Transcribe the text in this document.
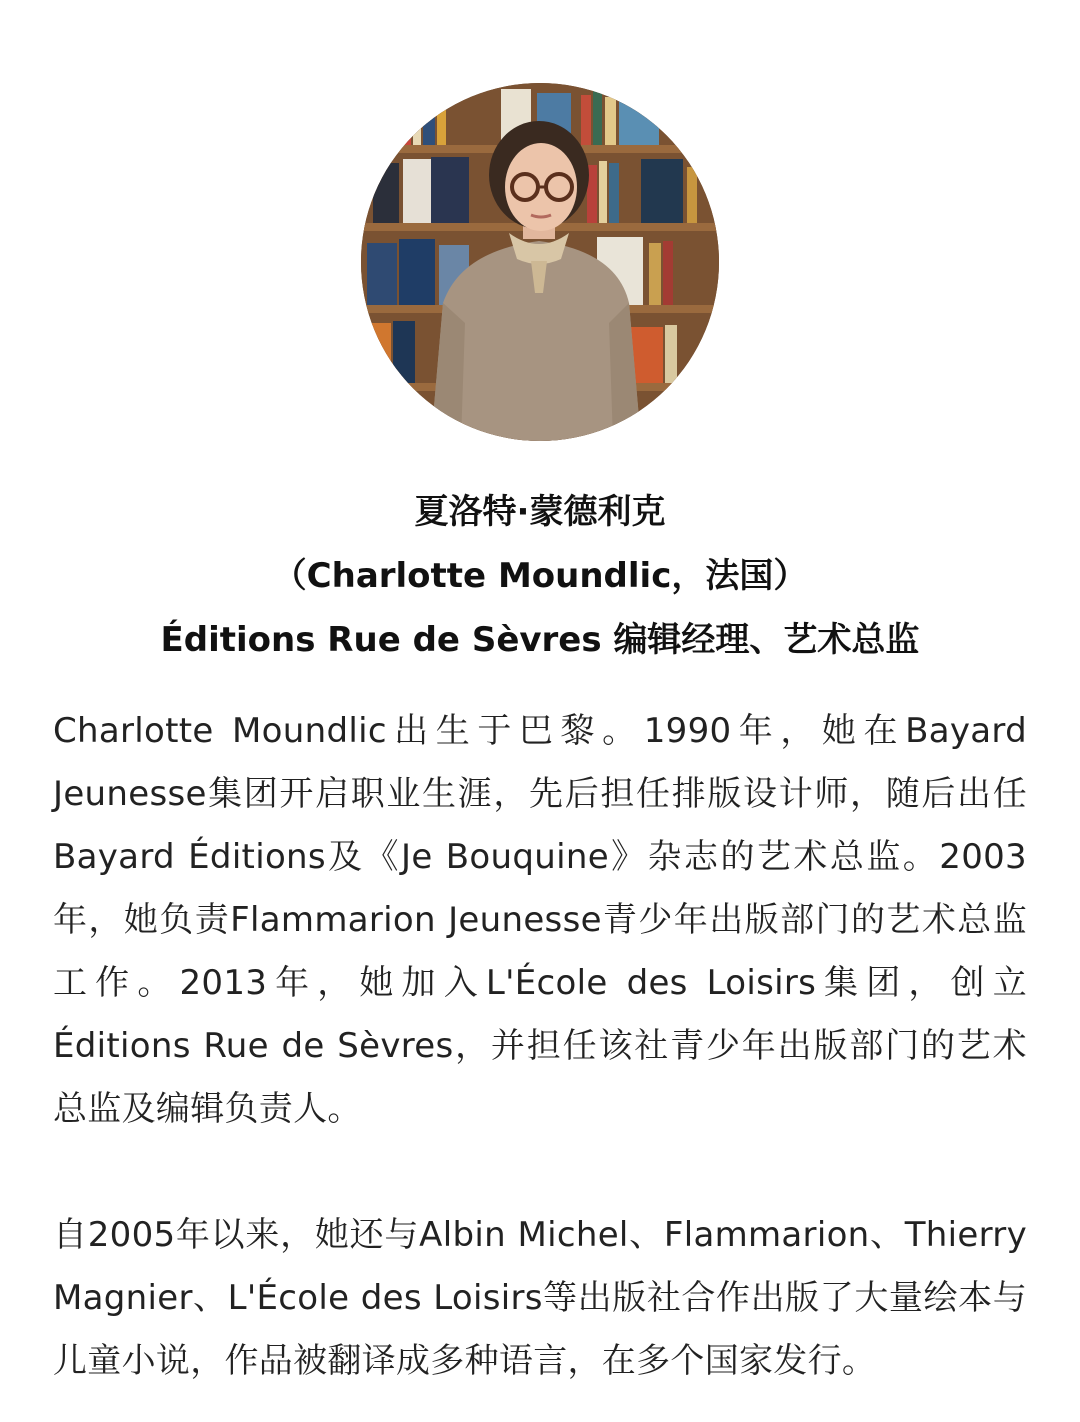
夏洛特·蒙德利克
（Charlotte Moundlic，法国）
Éditions Rue de Sèvres 编辑经理、艺术总监

Charlotte Moundlic出生于巴黎。1990年，她在Bayard Jeunesse集团开启职业生涯，先后担任排版设计师，随后出任Bayard Éditions及《Je Bouquine》杂志的艺术总监。2003年，她负责Flammarion Jeunesse青少年出版部门的艺术总监工作。2013年，她加入L'École des Loisirs集团，创立Éditions Rue de Sèvres，并担任该社青少年出版部门的艺术总监及编辑负责人。

自2005年以来，她还与Albin Michel、Flammarion、Thierry Magnier、L'École des Loisirs等出版社合作出版了大量绘本与儿童小说，作品被翻译成多种语言，在多个国家发行。
